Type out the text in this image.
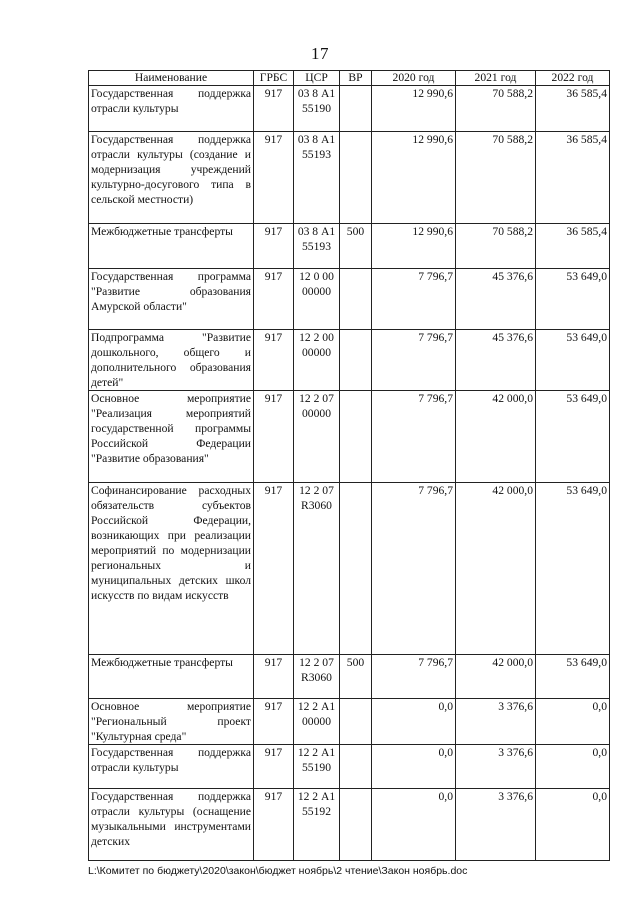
17
Наименование	ГРБС	ЦСР	ВР	2020 год	2021 год	2022 год
Государственная поддержка отрасли культуры	917	03 8 А1 55190		12 990,6	70 588,2	36 585,4
Государственная поддержка отрасли культуры (создание и модернизация учреждений культурно-досугового типа в сельской местности)	917	03 8 А1 55193		12 990,6	70 588,2	36 585,4
Межбюджетные трансферты	917	03 8 А1 55193	500	12 990,6	70 588,2	36 585,4
Государственная программа "Развитие образования Амурской области"	917	12 0 00 00000		7 796,7	45 376,6	53 649,0
Подпрограмма "Развитие дошкольного, общего и дополнительного образования детей"	917	12 2 00 00000		7 796,7	45 376,6	53 649,0
Основное мероприятие "Реализация мероприятий государственной программы Российской Федерации "Развитие образования"	917	12 2 07 00000		7 796,7	42 000,0	53 649,0
Софинансирование расходных обязательств субъектов Российской Федерации, возникающих при реализации мероприятий по модернизации региональных и муниципальных детских школ искусств по видам искусств	917	12 2 07 R3060		7 796,7	42 000,0	53 649,0
Межбюджетные трансферты	917	12 2 07 R3060	500	7 796,7	42 000,0	53 649,0
Основное мероприятие "Региональный проект "Культурная среда"	917	12 2 А1 00000		0,0	3 376,6	0,0
Государственная поддержка отрасли культуры	917	12 2 А1 55190		0,0	3 376,6	0,0
Государственная поддержка отрасли культуры (оснащение музыкальными инструментами детских	917	12 2 А1 55192		0,0	3 376,6	0,0
L:\Комитет по бюджету\2020\закон\бюджет ноябрь\2 чтение\Закон ноябрь.doc
